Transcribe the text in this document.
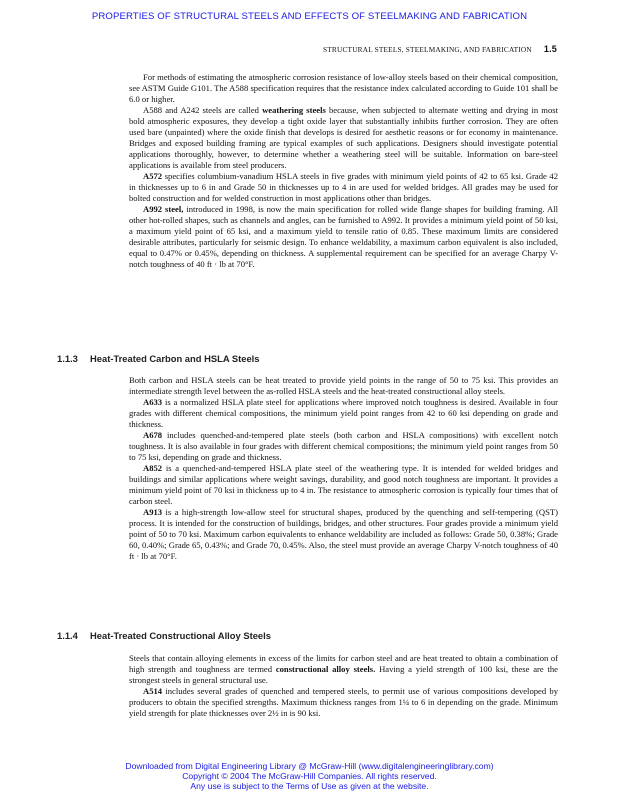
PROPERTIES OF STRUCTURAL STEELS AND EFFECTS OF STEELMAKING AND FABRICATION
STRUCTURAL STEELS, STEELMAKING, AND FABRICATION 1.5

For methods of estimating the atmospheric corrosion resistance of low-alloy steels based on their chemical composition, see ASTM Guide G101. The A588 specification requires that the resistance index calculated according to Guide 101 shall be 6.0 or higher.

A588 and A242 steels are called weathering steels because, when subjected to alternate wetting and drying in most bold atmospheric exposures, they develop a tight oxide layer that substantially inhibits further corrosion. They are often used bare (unpainted) where the oxide finish that develops is desired for aesthetic reasons or for economy in maintenance. Bridges and exposed building framing are typical examples of such applications. Designers should investigate potential applications thoroughly, however, to determine whether a weathering steel will be suitable. Information on bare-steel applications is available from steel producers.

A572 specifies columbium-vanadium HSLA steels in five grades with minimum yield points of 42 to 65 ksi. Grade 42 in thicknesses up to 6 in and Grade 50 in thicknesses up to 4 in are used for welded bridges. All grades may be used for bolted construction and for welded construction in most applications other than bridges.

A992 steel, introduced in 1998, is now the main specification for rolled wide flange shapes for building framing. All other hot-rolled shapes, such as channels and angles, can be furnished to A992. It provides a minimum yield point of 50 ksi, a maximum yield point of 65 ksi, and a maximum yield to tensile ratio of 0.85. These maximum limits are considered desirable attributes, particularly for seismic design. To enhance weldability, a maximum carbon equivalent is also included, equal to 0.47% or 0.45%, depending on thickness. A supplemental requirement can be specified for an average Charpy V-notch toughness of 40 ft · lb at 70°F.

1.1.3 Heat-Treated Carbon and HSLA Steels

Both carbon and HSLA steels can be heat treated to provide yield points in the range of 50 to 75 ksi. This provides an intermediate strength level between the as-rolled HSLA steels and the heat-treated constructional alloy steels.

A633 is a normalized HSLA plate steel for applications where improved notch toughness is desired. Available in four grades with different chemical compositions, the minimum yield point ranges from 42 to 60 ksi depending on grade and thickness.

A678 includes quenched-and-tempered plate steels (both carbon and HSLA compositions) with excellent notch toughness. It is also available in four grades with different chemical compositions; the minimum yield point ranges from 50 to 75 ksi, depending on grade and thickness.

A852 is a quenched-and-tempered HSLA plate steel of the weathering type. It is intended for welded bridges and buildings and similar applications where weight savings, durability, and good notch toughness are important. It provides a minimum yield point of 70 ksi in thickness up to 4 in. The resistance to atmospheric corrosion is typically four times that of carbon steel.

A913 is a high-strength low-allow steel for structural shapes, produced by the quenching and self-tempering (QST) process. It is intended for the construction of buildings, bridges, and other structures. Four grades provide a minimum yield point of 50 to 70 ksi. Maximum carbon equivalents to enhance weldability are included as follows: Grade 50, 0.38%; Grade 60, 0.40%; Grade 65, 0.43%; and Grade 70, 0.45%. Also, the steel must provide an average Charpy V-notch toughness of 40 ft · lb at 70°F.

1.1.4 Heat-Treated Constructional Alloy Steels

Steels that contain alloying elements in excess of the limits for carbon steel and are heat treated to obtain a combination of high strength and toughness are termed constructional alloy steels. Having a yield strength of 100 ksi, these are the strongest steels in general structural use.

A514 includes several grades of quenched and tempered steels, to permit use of various compositions developed by producers to obtain the specified strengths. Maximum thickness ranges from 1¼ to 6 in depending on the grade. Minimum yield strength for plate thicknesses over 2½ in is 90 ksi.

Downloaded from Digital Engineering Library @ McGraw-Hill (www.digitalengineeringlibrary.com)
Copyright © 2004 The McGraw-Hill Companies. All rights reserved.
Any use is subject to the Terms of Use as given at the website.
